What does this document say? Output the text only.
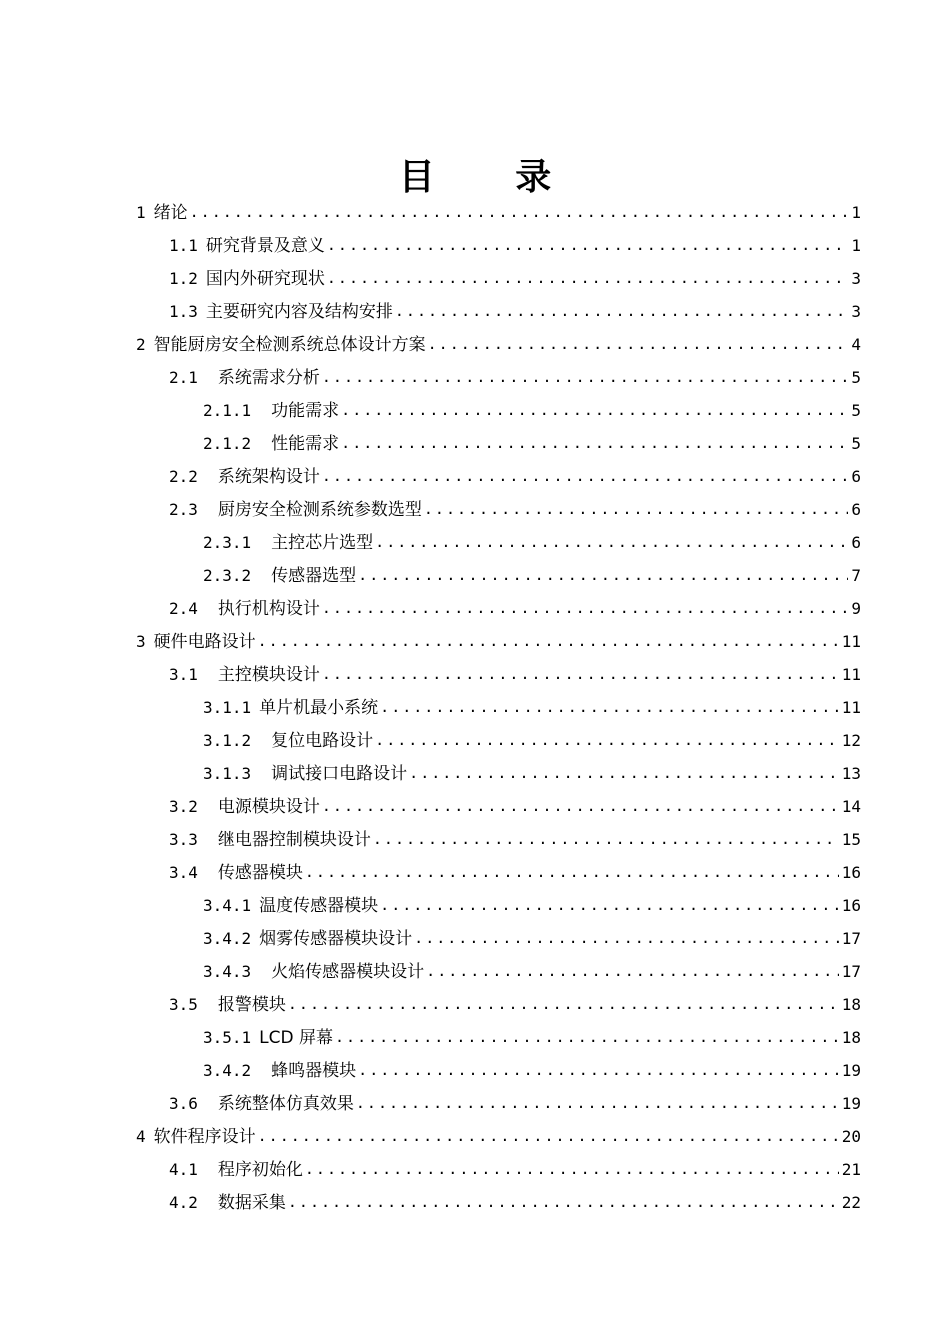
目 录
1 绪论 .....	1
1.1 研究背景及意义 .....	1
1.2 国内外研究现状 .....	3
1.3 主要研究内容及结构安排 .....	3
2 智能厨房安全检测系统总体设计方案 .....	4
2.1 系统需求分析 .....	5
2.1.1 功能需求 .....	5
2.1.2 性能需求 .....	5
2.2 系统架构设计 .....	6
2.3 厨房安全检测系统参数选型 .....	6
2.3.1 主控芯片选型 .....	6
2.3.2 传感器选型 .....	7
2.4 执行机构设计 .....	9
3 硬件电路设计 .....	11
3.1 主控模块设计 .....	11
3.1.1 单片机最小系统 .....	11
3.1.2 复位电路设计 .....	12
3.1.3 调试接口电路设计 .....	13
3.2 电源模块设计 .....	14
3.3 继电器控制模块设计 .....	15
3.4 传感器模块 .....	16
3.4.1 温度传感器模块 .....	16
3.4.2 烟雾传感器模块设计 .....	17
3.4.3 火焰传感器模块设计 .....	17
3.5 报警模块 .....	18
3.5.1 LCD 屏幕 .....	18
3.4.2 蜂鸣器模块 .....	19
3.6 系统整体仿真效果 .....	19
4 软件程序设计 .....	20
4.1 程序初始化 .....	21
4.2 数据采集 .....	22
